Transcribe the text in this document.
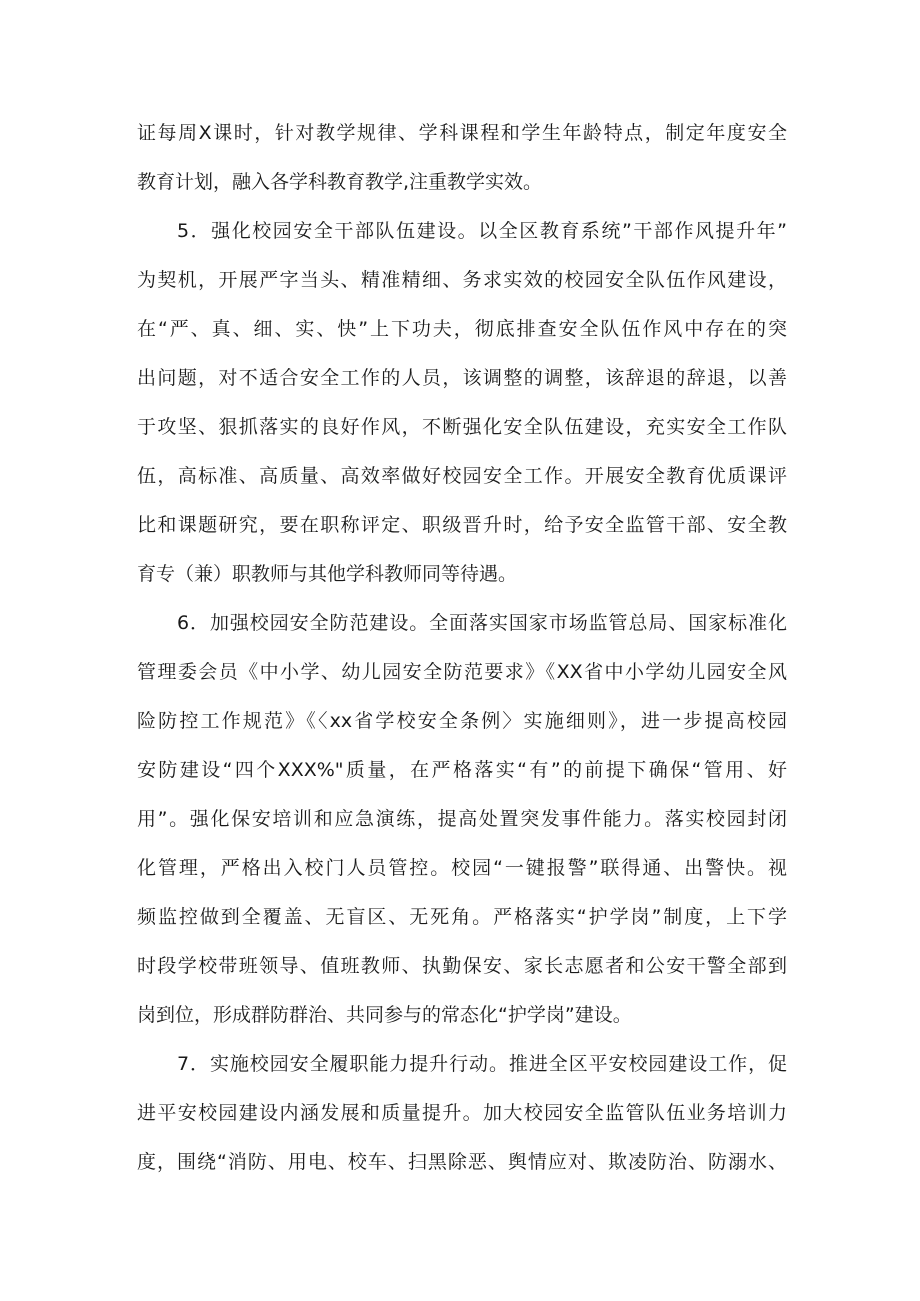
证每周X课时，针对教学规律、学科课程和学生年龄特点，制定年度安全
教育计划，融入各学科教育教学,注重教学实效。
5．强化校园安全干部队伍建设。以全区教育系统”干部作风提升年”
为契机，开展严字当头、精准精细、务求实效的校园安全队伍作风建设，
在“严、真、细、实、快”上下功夫，彻底排查安全队伍作风中存在的突
出问题，对不适合安全工作的人员，该调整的调整，该辞退的辞退，以善
于攻坚、狠抓落实的良好作风，不断强化安全队伍建设，充实安全工作队
伍，高标准、高质量、高效率做好校园安全工作。开展安全教育优质课评
比和课题研究，要在职称评定、职级晋升时，给予安全监管干部、安全教
育专（兼）职教师与其他学科教师同等待遇。
6．加强校园安全防范建设。全面落实国家市场监管总局、国家标准化
管理委会员《中小学、幼儿园安全防范要求》《XX省中小学幼儿园安全风
险防控工作规范》《〈xx省学校安全条例〉实施细则》，进一步提高校园
安防建设“四个XXX%"质量，在严格落实“有”的前提下确保“管用、好
用”。强化保安培训和应急演练，提高处置突发事件能力。落实校园封闭
化管理，严格出入校门人员管控。校园“一键报警”联得通、出警快。视
频监控做到全覆盖、无盲区、无死角。严格落实“护学岗”制度，上下学
时段学校带班领导、值班教师、执勤保安、家长志愿者和公安干警全部到
岗到位，形成群防群治、共同参与的常态化“护学岗”建设。
7．实施校园安全履职能力提升行动。推进全区平安校园建设工作，促
进平安校园建设内涵发展和质量提升。加大校园安全监管队伍业务培训力
度，围绕“消防、用电、校车、扫黑除恶、舆情应对、欺凌防治、防溺水、
